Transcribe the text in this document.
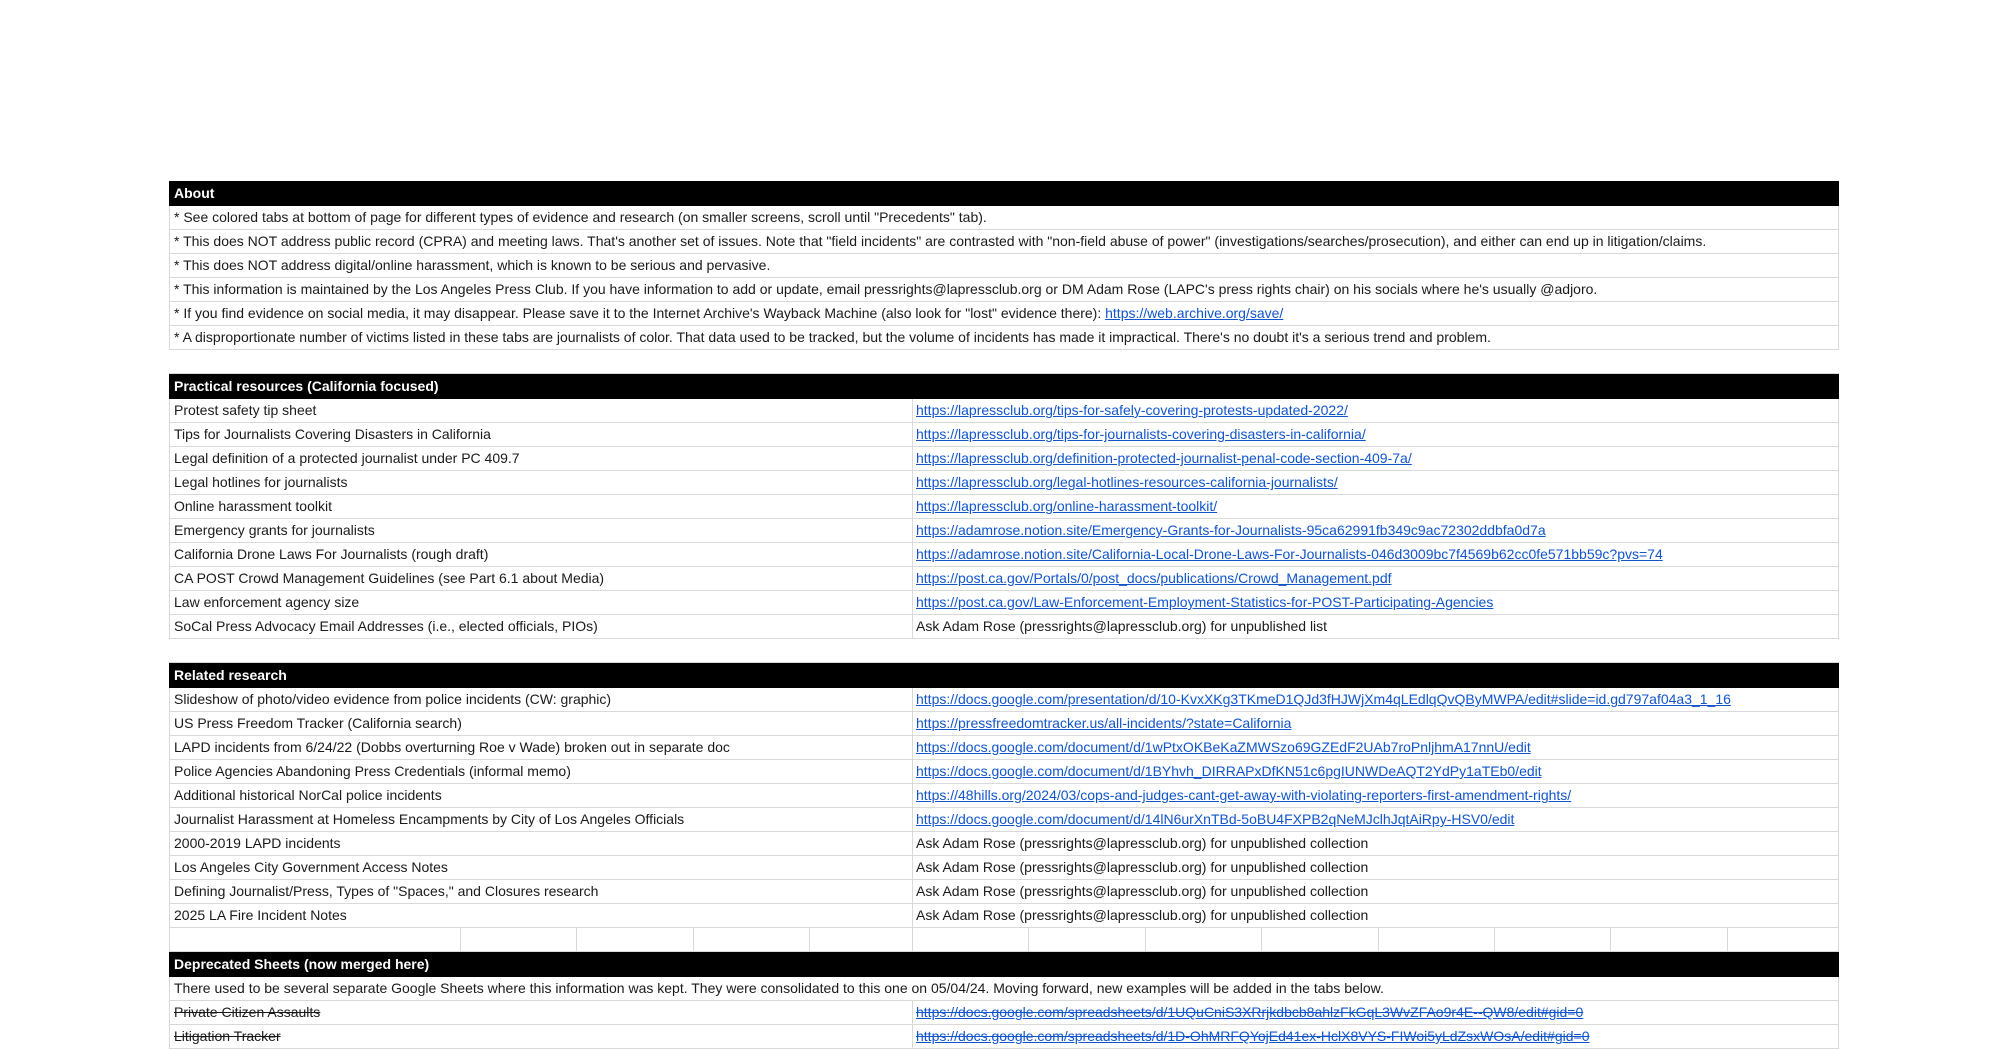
About
* See colored tabs at bottom of page for different types of evidence and research (on smaller screens, scroll until "Precedents" tab).
* This does NOT address public record (CPRA) and meeting laws. That's another set of issues. Note that "field incidents" are contrasted with "non-field abuse of power" (investigations/searches/prosecution), and either can end up in litigation/claims.
* This does NOT address digital/online harassment, which is known to be serious and pervasive.
* This information is maintained by the Los Angeles Press Club. If you have information to add or update, email pressrights@lapressclub.org or DM Adam Rose (LAPC's press rights chair) on his socials where he's usually @adjoro.
* If you find evidence on social media, it may disappear. Please save it to the Internet Archive's Wayback Machine (also look for "lost" evidence there): https://web.archive.org/save/
* A disproportionate number of victims listed in these tabs are journalists of color. That data used to be tracked, but the volume of incidents has made it impractical. There's no doubt it's a serious trend and problem.
Practical resources (California focused)
Protest safety tip sheet	https://lapressclub.org/tips-for-safely-covering-protests-updated-2022/
Tips for Journalists Covering Disasters in California	https://lapressclub.org/tips-for-journalists-covering-disasters-in-california/
Legal definition of a protected journalist under PC 409.7	https://lapressclub.org/definition-protected-journalist-penal-code-section-409-7a/
Legal hotlines for journalists	https://lapressclub.org/legal-hotlines-resources-california-journalists/
Online harassment toolkit	https://lapressclub.org/online-harassment-toolkit/
Emergency grants for journalists	https://adamrose.notion.site/Emergency-Grants-for-Journalists-95ca62991fb349c9ac72302ddbfa0d7a
California Drone Laws For Journalists (rough draft)	https://adamrose.notion.site/California-Local-Drone-Laws-For-Journalists-046d3009bc7f4569b62cc0fe571bb59c?pvs=74
CA POST Crowd Management Guidelines (see Part 6.1 about Media)	https://post.ca.gov/Portals/0/post_docs/publications/Crowd_Management.pdf
Law enforcement agency size	https://post.ca.gov/Law-Enforcement-Employment-Statistics-for-POST-Participating-Agencies
SoCal Press Advocacy Email Addresses (i.e., elected officials, PIOs)	Ask Adam Rose (pressrights@lapressclub.org) for unpublished list
Related research
Slideshow of photo/video evidence from police incidents (CW: graphic)	https://docs.google.com/presentation/d/10-KvxXKg3TKmeD1QJd3fHJWjXm4qLEdlqQvQByMWPA/edit#slide=id.gd797af04a3_1_16
US Press Freedom Tracker (California search)	https://pressfreedomtracker.us/all-incidents/?state=California
LAPD incidents from 6/24/22 (Dobbs overturning Roe v Wade) broken out in separate doc	https://docs.google.com/document/d/1wPtxOKBeKaZMWSzo69GZEdF2UAb7roPnljhmA17nnU/edit
Police Agencies Abandoning Press Credentials (informal memo)	https://docs.google.com/document/d/1BYhvh_DIRRAPxDfKN51c6pgIUNWDeAQT2YdPy1aTEb0/edit
Additional historical NorCal police incidents	https://48hills.org/2024/03/cops-and-judges-cant-get-away-with-violating-reporters-first-amendment-rights/
Journalist Harassment at Homeless Encampments by City of Los Angeles Officials	https://docs.google.com/document/d/14lN6urXnTBd-5oBU4FXPB2qNeMJclhJqtAiRpy-HSV0/edit
2000-2019 LAPD incidents	Ask Adam Rose (pressrights@lapressclub.org) for unpublished collection
Los Angeles City Government Access Notes	Ask Adam Rose (pressrights@lapressclub.org) for unpublished collection
Defining Journalist/Press, Types of "Spaces," and Closures research	Ask Adam Rose (pressrights@lapressclub.org) for unpublished collection
2025 LA Fire Incident Notes	Ask Adam Rose (pressrights@lapressclub.org) for unpublished collection
Deprecated Sheets (now merged here)
There used to be several separate Google Sheets where this information was kept. They were consolidated to this one on 05/04/24. Moving forward, new examples will be added in the tabs below.
Private Citizen Assaults	https://docs.google.com/spreadsheets/d/1UQuCniS3XRrjkdbcb8ahlzFkGqL3WvZFAo9r4E--QW8/edit#gid=0
Litigation Tracker	https://docs.google.com/spreadsheets/d/1D-OhMRFQYojEd41ex-HclX8VYS-FIWoi5yLdZsxWOsA/edit#gid=0
